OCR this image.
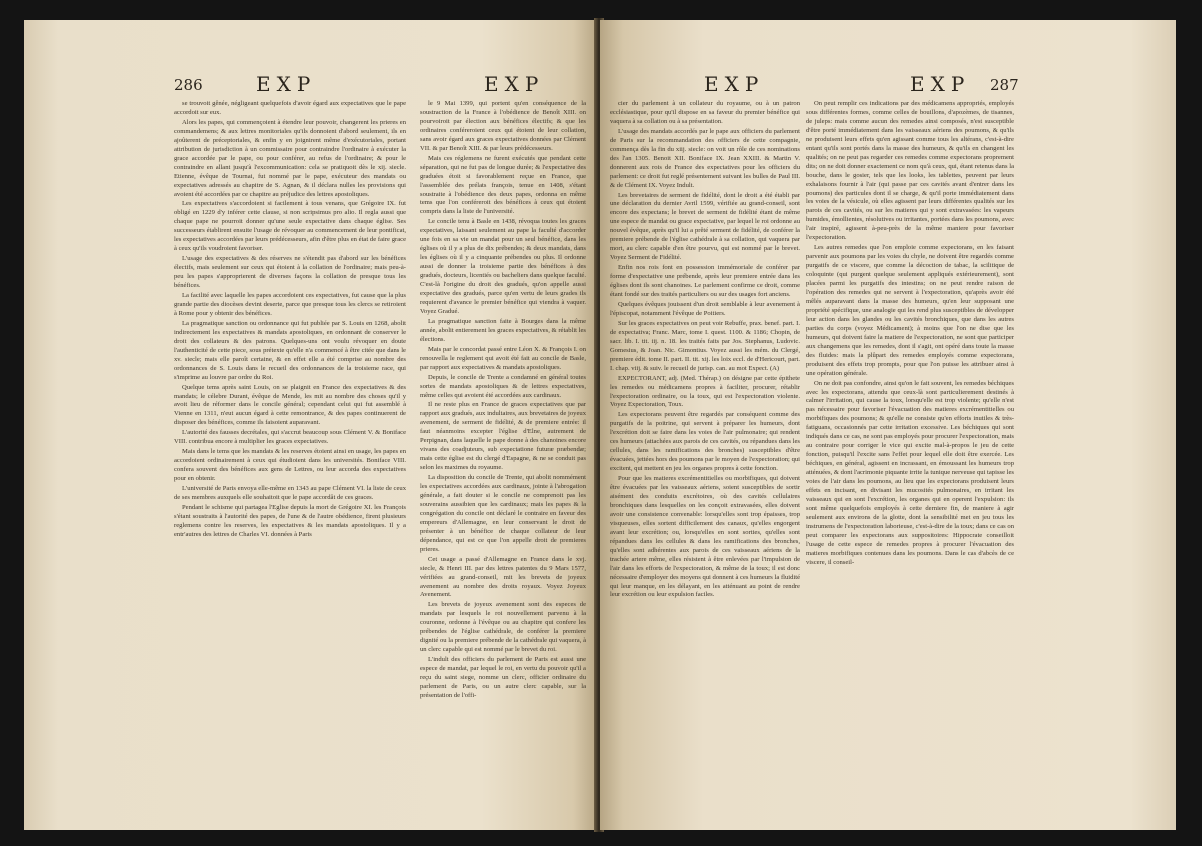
286	EXP	EXP

se trouvoit gênée, négligeant quelquefois d'avoir égard aux expectatives que le pape accordoit sur eux.

Alors les papes, qui commençoient à étendre leur pouvoir, changerent les prieres en commandemens; & aux lettres monitoriales qu'ils donnoient d'abord seulement, ils en ajoûterent de préceptoriales, & enfin y en joignirent même d'exécutoriales, portant attribution de jurisdiction à un commissaire pour contraindre l'ordinaire à exécuter la grace accordée par le pape, ou pour conférer, au refus de l'ordinaire; & pour le contraindre en allant jusqu'à l'excommunication: cela se pratiquoit dès le xij. siecle. Etienne, évêque de Tournai, fut nommé par le pape, exécuteur des mandats ou expectatives adressés au chapitre de S. Agnan, & il déclara nulles les provisions qui avoient été accordées par ce chapitre au préjudice des lettres apostoliques.

Les expectatives s'accordoient si facilement à tous venans, que Grégoire IX. fut obligé en 1229 d'y inférer cette clause, si non scripsimus pro alio. Il regla aussi que chaque pape ne pourroit donner qu'une seule expectative dans chaque église. Ses successeurs établirent ensuite l'usage de révoquer au commencement de leur pontificat, les expectatives accordées par leurs prédécesseurs, afin d'être plus en état de faire grace à ceux qu'ils voudroient favoriser.

L'usage des expectatives & des réserves ne s'étendit pas d'abord sur les bénéfices électifs, mais seulement sur ceux qui étoient à la collation de l'ordinaire; mais peu-à-peu les papes s'approprierent de diverses façons la collation de presque tous les bénéfices.

La facilité avec laquelle les papes accordoient ces expectatives, fut cause que la plus grande partie des diocèses devint deserte, parce que presque tous les clercs se retiroient à Rome pour y obtenir des bénéfices.

La pragmatique sanction ou ordonnance qui fut publiée par S. Louis en 1268, abolit indirectement les expectatives & mandats apostoliques, en ordonnant de conserver le droit des collateurs & des patrons. Quelques-uns ont voulu révoquer en doute l'authenticité de cette piece, sous prétexte qu'elle n'a commencé à être citée que dans le xv. siecle; mais elle paroît certaine, & en effet elle a été comprise au nombre des ordonnances de S. Louis dans le recueil des ordonnances de la troisieme race, qui s'imprime au louvre par ordre du Roi.

Quelque tems après saint Louis, on se plaignit en France des expectatives & des mandats; le célebre Durant, évêque de Mende, les mit au nombre des choses qu'il y avoit lieu de réformer dans le concile général; cependant celui qui fut assemblé à Vienne en 1311, n'eut aucun égard à cette remontrance, & des papes continuerent de disposer des bénéfices, comme ils faisoient auparavant.

L'autorité des fausses decrétales, qui s'accrut beaucoup sous Clément V. & Boniface VIII. contribua encore à multiplier les graces expectatives.

Mais dans le tems que les mandats & les reserves étoient ainsi en usage, les papes en accordoient ordinairement à ceux qui étudioient dans les universités. Boniface VIII. confera souvent des bénéfices aux gens de Lettres, ou leur accorda des expectatives pour en obtenir.

L'université de Paris envoya elle-même en 1343 au pape Clément VI. la liste de ceux de ses membres auxquels elle souhaitoit que le pape accordât de ces graces.

Pendant le schisme qui partagea l'Eglise depuis la mort de Grégoire XI. les François s'étant soustraits à l'autorité des papes, de l'une & de l'autre obédience, firent plusieurs reglemens contre les reserves, les expectatives & les mandats apostoliques. Il y a entr'autres des lettres de Charles VI. données à Paris

le 9 Mai 1399, qui portent qu'en conséquence de la soustraction de la France à l'obédience de Benoît XIII. on pourvoiroit par élection aux bénéfices électifs; & que les ordinaires conféreroient ceux qui étoient de leur collation, sans avoir égard aux graces expectatives données par Clément VII. & par Benoît XIII. & par leurs prédécesseurs.

Mais ces réglemens ne furent exécutés que pendant cette séparation, qui ne fut pas de longue durée; & l'expectative des graduées étoit si favorablement reçue en France, que l'assemblée des prélats françois, tenue en 1408, s'étant soustraite à l'obédience des deux papes, ordonna en même tems que l'on conféreroit des bénéfices à ceux qui étoient compris dans la liste de l'université.

Le concile tenu à Basle en 1438, révoqua toutes les graces expectatives, laissant seulement au pape la faculté d'accorder une fois en sa vie un mandat pour un seul bénéfice, dans les églises où il y a plus de dix prébendes; & deux mandats, dans les églises où il y a cinquante prébendes ou plus. Il ordonne aussi de donner la troisieme partie des bénéfices à des gradués, docteurs, licentiés ou bacheliers dans quelque faculté. C'est-là l'origine du droit des gradués, qu'on appelle aussi expectative des gradués, parce qu'en vertu de leurs grades ils requierent d'avance le premier bénéfice qui viendra à vaquer. Voyez Gradué.

La pragmatique sanction faite à Bourges dans la même année, abolit entierement les graces expectatives, & rétablit les élections.

Mais par le concordat passé entre Léon X. & François I. on renouvella le reglement qui avoit été fait au concile de Basle, par rapport aux expectatives & mandats apostoliques.

Depuis, le concile de Trente a condamné en général toutes sortes de mandats apostoliques & de lettres expectatives, même celles qui avoient été accordées aux cardinaux.

Il ne reste plus en France de graces expectatives que par rapport aux gradués, aux indultaires, aux brevetaires de joyeux avenement, de serment de fidélité, & de premiere entrée: il faut néanmoins excepter l'église d'Elne, autrement de Perpignan, dans laquelle le pape donne à des chanoines encore vivans des coadjuteurs, sub expectatione futuræ præbendæ; mais cette église est du clergé d'Espagne, & ne se conduit pas selon les maximes du royaume.

La disposition du concile de Trente, qui abolit nommément les expectatives accordées aux cardinaux, jointe à l'abrogation générale, a fait douter si le concile ne comprenoit pas les souverains aussibien que les cardinaux; mais les papes & la congrégation du concile ont déclaré le contraire en faveur des empereurs d'Allemagne, en leur conservant le droit de présenter à un bénéfice de chaque collateur de leur dépendance, qui est ce que l'on appelle droit de premieres prieres.

Cet usage a passé d'Allemagne en France dans le xvj. siecle, & Henri III. par des lettres patentes du 9 Mars 1577, vérifiées au grand-conseil, mit les brevets de joyeux avenement au nombre des droits royaux. Voyez Joyeux Avenement.

Les brevets de joyeux avenement sont des especes de mandats par lesquels le roi nouvellement parvenu à la couronne, ordonne à l'évêque ou au chapitre qui confere les prébendes de l'église cathédrale, de conférer la premiere dignité ou la premiere prébende de la cathédrale qui vaquera, à un clerc capable qui est nommé par le brevet du roi.

L'indult des officiers du parlement de Paris est aussi une espece de mandat, par lequel le roi, en vertu du pouvoir qu'il a reçu du saint siege, nomme un clerc, officier ordinaire du parlement de Paris, ou un autre clerc capable, sur la présentation de l'offi-

EXP	EXP 287

cier du parlement à un collateur du royaume, ou à un patron ecclésiastique, pour qu'il dispose en sa faveur du premier bénéfice qui vaquera à sa collation ou à sa présentation.

L'usage des mandats accordés par le pape aux officiers du parlement de Paris sur la recommandation des officiers de cette compagnie, commença dès la fin du xiij. siecle: on voit un rôle de ces nominations des l'an 1305. Benoit XII. Boniface IX. Jean XXIII. & Martin V. donnerent aux rois de France des expectatives pour les officiers du parlement: ce droit fut reglé présentement suivant les bulles de Paul III. & de Clément IX. Voyez Indult.

Les brevetaires de serment de fidélité, dont le droit a été établi par une déclaration du dernier Avril 1599, vérifiée au grand-conseil, sont encore des expectans; le brevet de serment de fidélité étant de même une espece de mandat ou grace expectative, par lequel le roi ordonne au nouvel évêque, après qu'il lui a prêté serment de fidélité, de conférer la premiere prébende de l'église cathédrale à sa collation, qui vaquera par mort, au clerc capable d'en être pourvu, qui est nommé par le brevet. Voyez Serment de Fidélité.

Enfin nos rois font en possession immémoriale de conférer par forme d'expectative une prébende, après leur premiere entrée dans les églises dont ils sont chanoines. Le parlement confirme ce droit, comme étant fondé sur des traités particuliers ou sur des usages fort anciens.

Quelques évêques jouissent d'un droit semblable à leur avenement à l'épiscopat, notamment l'évêque de Poitiers.

Sur les graces expectatives on peut voir Rebuffe, prax. benef. part. I. de expectativa; Franc. Marc, tome I. quest. 1100. & 1186; Chopin, de sacr. lib. I. tit. iij. n. 18. les traités faits par Jos. Stephanus, Ludovic. Gomesius, & Joan. Nic. Gimontius. Voyez aussi les mém. du Clergé, premiere édit. tome II. part. II. tit. xij. les loix eccl. de d'Hericourt, part. I. chap. viij. & suiv. le recueil de jurisp. can. au mot Expect. (A)

EXPECTORANT, adj. (Med. Thérap.) on désigne par cette épithete les remedes ou médicamens propres à faciliter, procurer, rétablir l'expectoration ordinaire, ou la toux, qui est l'expectoration violente. Voyez Expectoration, Toux.

Les expectorans peuvent être regardés par conséquent comme des purgatifs de la poitrine, qui servent à préparer les humeurs, dont l'excrétion doit se faire dans les voies de l'air pulmonaire; qui rendent ces humeurs (attachées aux parois de ces cavités, ou répandues dans les cellules, dans les ramifications des bronches) susceptibles d'être évacuées, jettées hors des poumons par le moyen de l'expectoration; qui excitent, qui mettent en jeu les organes propres à cette fonction.

Pour que les matieres excrémentitielles ou morbifiques, qui doivent être évacuées par les vaisseaux aériens, soient susceptibles de sortir aisément des conduits excrétoires, où des cavités cellulaires bronchiques dans lesquelles on les conçoit extravasées, elles doivent avoir une consistence convenable: lorsqu'elles sont trop épaisses, trop visqueuses, elles sortent difficilement des canaux, qu'elles engorgent avant leur excrétion; ou, lorsqu'elles en sont sorties, qu'elles sont répandues dans les cellules & dans les ramifications des bronches, qu'elles sont adhérentes aux parois de ces vaisseaux aériens de la trachée artere même, elles résistent à être enlevées par l'impulsion de l'air dans les efforts de l'expectoration, & même de la toux; il est donc nécessaire d'employer des moyens qui donnent à ces humeurs la fluidité qui leur manque, en les délayant, en les atténuant au point de rendre leur excrétion ou leur expulsion faciles.

On peut remplir ces indications par des médicamens appropriés, employés sous différentes formes, comme celles de bouillons, d'apozèmes, de tisannes, de juleps: mais comme aucun des remedes ainsi composés, n'est susceptible d'être porté immédiatement dans les vaisseaux aériens des poumons, & qu'ils ne produisent leurs effets qu'en agissant comme tous les altérans, c'est-à-dire entant qu'ils sont portés dans la masse des humeurs, & qu'ils en changent les qualités; on ne peut pas regarder ces remedes comme expectorans proprement dits; on ne doit donner exactement ce nom qu'à ceux, qui, étant retenus dans la bouche, dans le gosier, tels que les looks, les tablettes, peuvent par leurs exhalaisons fournir à l'air (qui passe par ces cavités avant d'entrer dans les poumons) des particules dont il se charge, & qu'il porte immédiatement dans les voies de la vésicule, où elles agissent par leurs différentes qualités sur les parois de ces cavités, ou sur les matieres qui y sont extravasées: les vapeurs humides, émollientes, résolutives ou irritantes, portées dans les poumons, avec l'air inspiré, agissent à-peu-près de la même maniere pour favoriser l'expectoration.

Les autres remedes que l'on emploie comme expectorans, en les faisant parvenir aux poumons par les voies du chyle, ne doivent être regardés comme purgatifs de ce viscere, que comme la décoction de tabac, la scilitique de coloquinte (qui purgent quelque seulement appliqués extérieurement), sont placées parmi les purgatifs des intestins; on ne peut rendre raison de l'opération des remedes qui ne servent à l'expectoration, qu'après avoir été mêlés auparavant dans la masse des humeurs, qu'en leur supposant une propriété spécifique, une analogie qui les rend plus susceptibles de développer leur action dans les glandes ou les cavités bronchiques, que dans les autres parties du corps (voyez Médicament); à moins que l'on ne dise que les humeurs, qui doivent faire la matiere de l'expectoration, ne sont que participer aux changemens que les remedes, dont il s'agit, ont opéré dans toute la masse des fluides: mais la plûpart des remedes employés comme expectorans, produisent des effets trop prompts, pour que l'on puisse les attribuer ainsi à une opération générale.

On ne doit pas confondre, ainsi qu'on le fait souvent, les remedes béchiques avec les expectorans, attendu que ceux-là sont particulierement destinés à calmer l'irritation, qui cause la toux, lorsqu'elle est trop violente; qu'elle n'est pas nécessaire pour favoriser l'évacuation des matieres excrémentitielles ou morbifiques des poumons; & qu'elle ne consiste qu'en efforts inutiles & très-fatiguans, occasionnés par cette irritation excessive. Les béchiques qui sont indiqués dans ce cas, ne sont pas employés pour procurer l'expectoration, mais au contraire pour corriger le vice qui excite mal-à-propos le jeu de cette fonction, puisqu'il l'excite sans l'effet pour lequel elle doit être exercée. Les béchiques, en général, agissent en incrassant, en émoussant les humeurs trop atténuées, & dont l'acrimonie piquante irrite la tunique nerveuse qui tapisse les voies de l'air dans les poumons, au lieu que les expectorans produisent leurs effets en incisant, en divisant les mucosités pulmonaires, en irritant les vaisseaux qui en sont l'excrétion, les organes qui en operent l'expulsion: ils sont même quelquefois employés à cette derniere fin, de maniere à agir seulement aux environs de la glotte, dont la sensibilité met en jeu tous les instrumens de l'expectoration laborieuse, c'est-à-dire de la toux; dans ce cas on peut comparer les expectorans aux suppositoires: Hippocrate conseilloit l'usage de cette espece de remedes propres à procurer l'évacuation des matieres morbifiques contenues dans les poumons. Dans le cas d'abcès de ce viscere, il conseil-
